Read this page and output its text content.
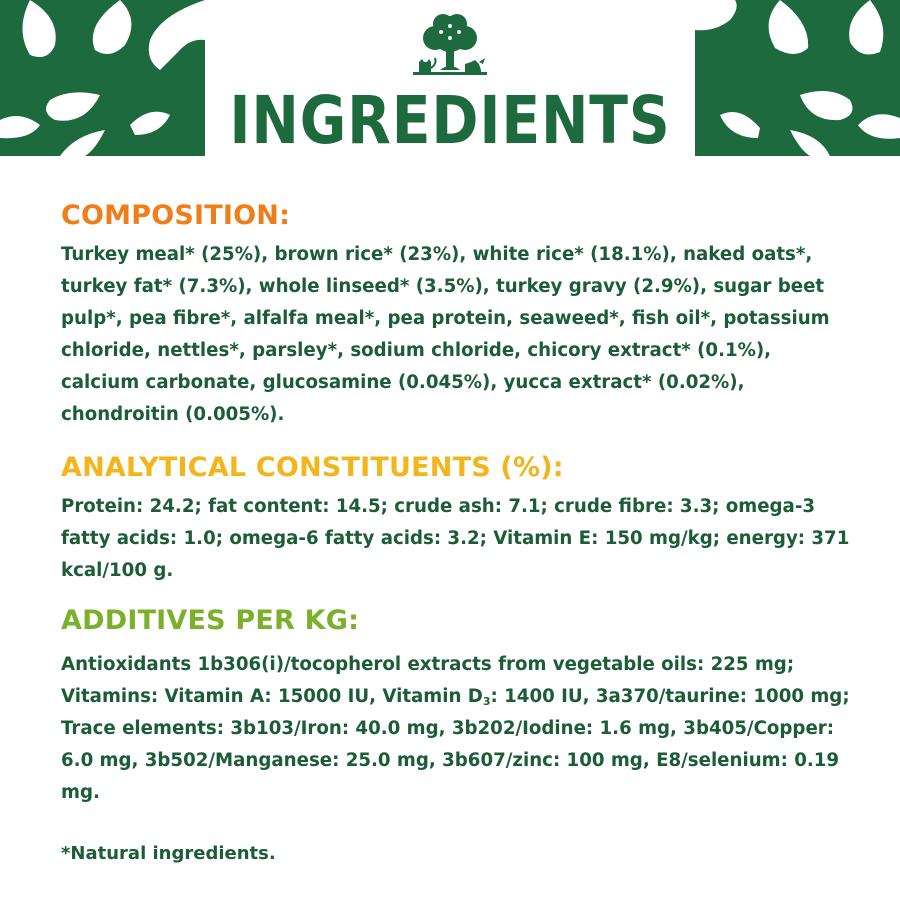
INGREDIENTS
COMPOSITION:

Turkey meal* (25%), brown rice* (23%), white rice* (18.1%), naked oats*, turkey fat* (7.3%), whole linseed* (3.5%), turkey gravy (2.9%), sugar beet pulp*, pea fibre*, alfalfa meal*, pea protein, seaweed*, fish oil*, potassium chloride, nettles*, parsley*, sodium chloride, chicory extract* (0.1%), calcium carbonate, glucosamine (0.045%), yucca extract* (0.02%), chondroitin (0.005%).

ANALYTICAL CONSTITUENTS (%):

Protein: 24.2; fat content: 14.5; crude ash: 7.1; crude fibre: 3.3; omega-3 fatty acids: 1.0; omega-6 fatty acids: 3.2; Vitamin E: 150 mg/kg; energy: 371 kcal/100 g.

ADDITIVES PER KG:

Antioxidants 1b306(i)/tocopherol extracts from vegetable oils: 225 mg; Vitamins: Vitamin A: 15000 IU, Vitamin $D_3$: 1400 IU, 3a370/taurine: 1000 mg; Trace elements: 3b103/Iron: 40.0 mg, 3b202/Iodine: 1.6 mg, 3b405/Copper: 6.0 mg, 3b502/Manganese: 25.0 mg, 3b607/zinc: 100 mg, E8/selenium: 0.19 mg.

*Natural ingredients.
